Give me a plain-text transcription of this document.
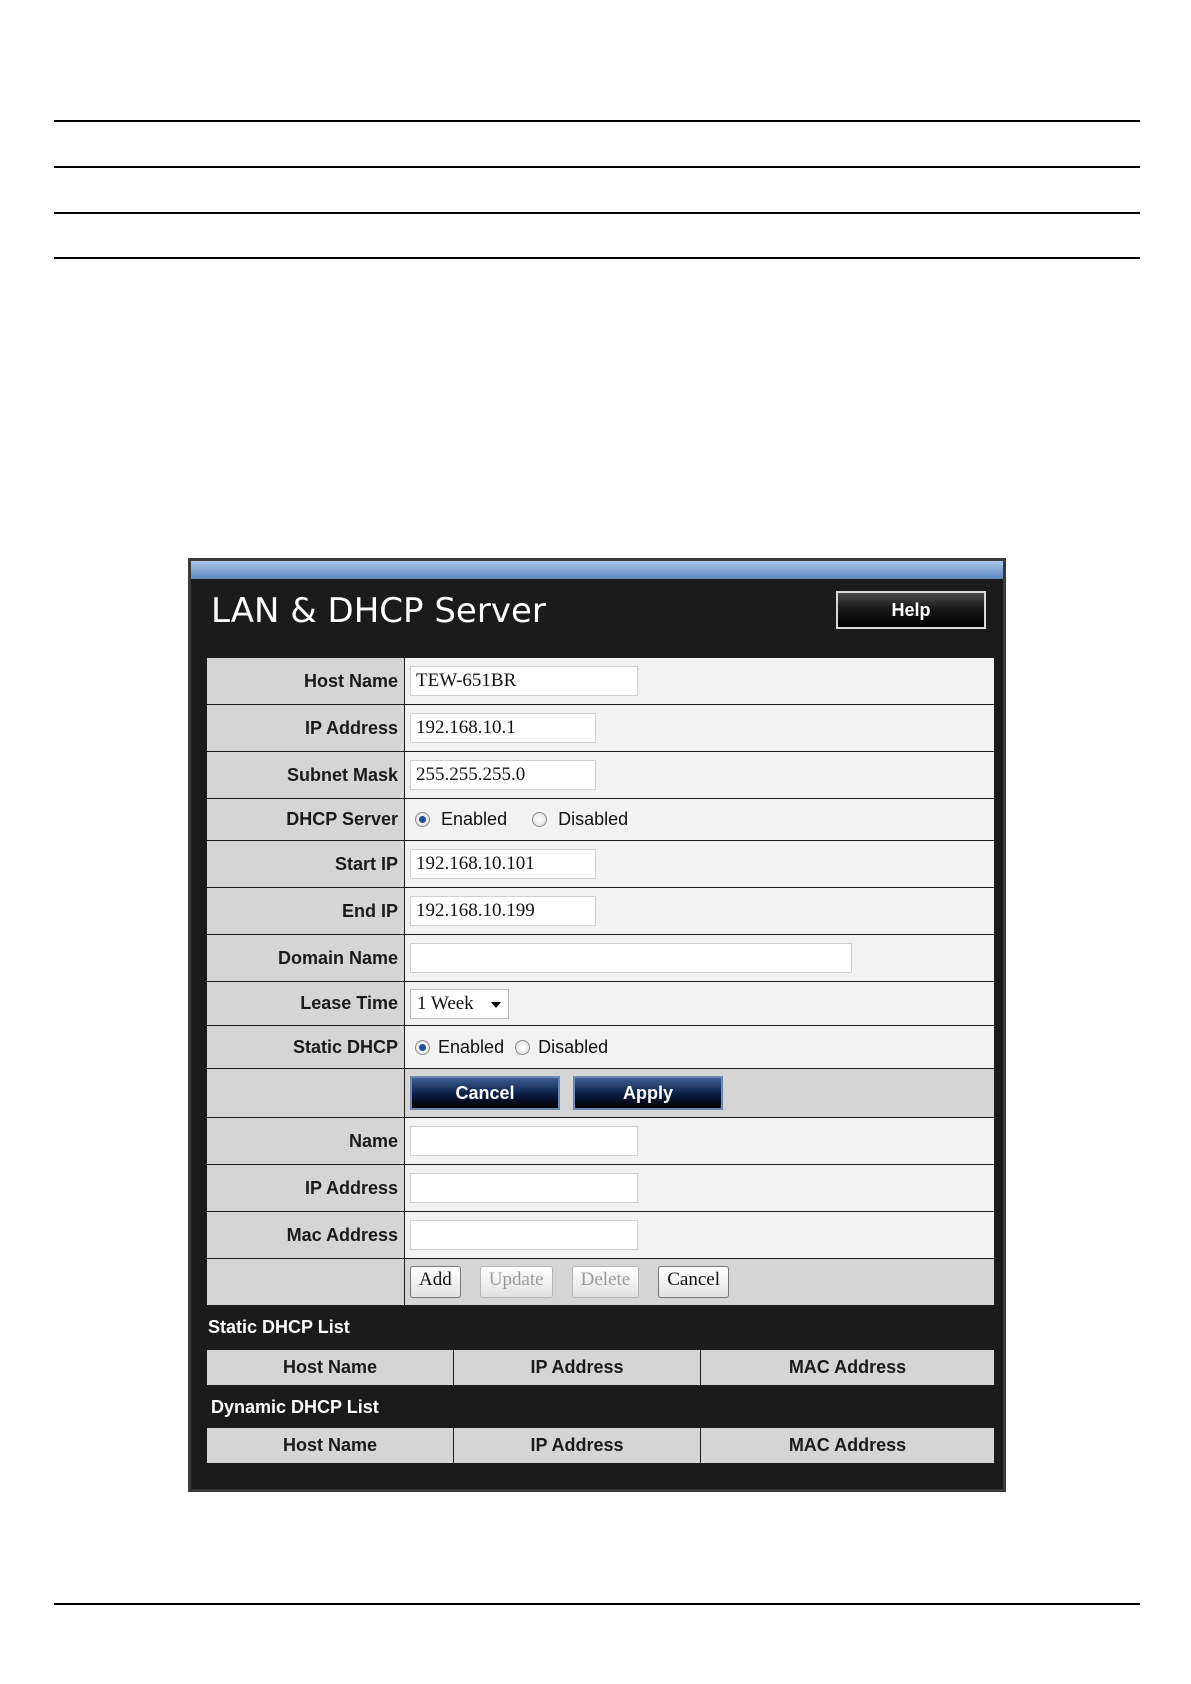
LAN & DHCP Server	Help
Host Name	TEW-651BR
IP Address	192.168.10.1
Subnet Mask	255.255.255.0
DHCP Server	Enabled Disabled
Start IP	192.168.10.101
End IP	192.168.10.199
Domain Name	
Lease Time	1 Week

Static DHCP	Enabled Disabled
	Cancel Apply
Name	
IP Address	
Mac Address	
	Add Update Delete Cancel
Static DHCP List
Host Name	IP Address	MAC Address
Dynamic DHCP List
Host Name	IP Address	MAC Address
